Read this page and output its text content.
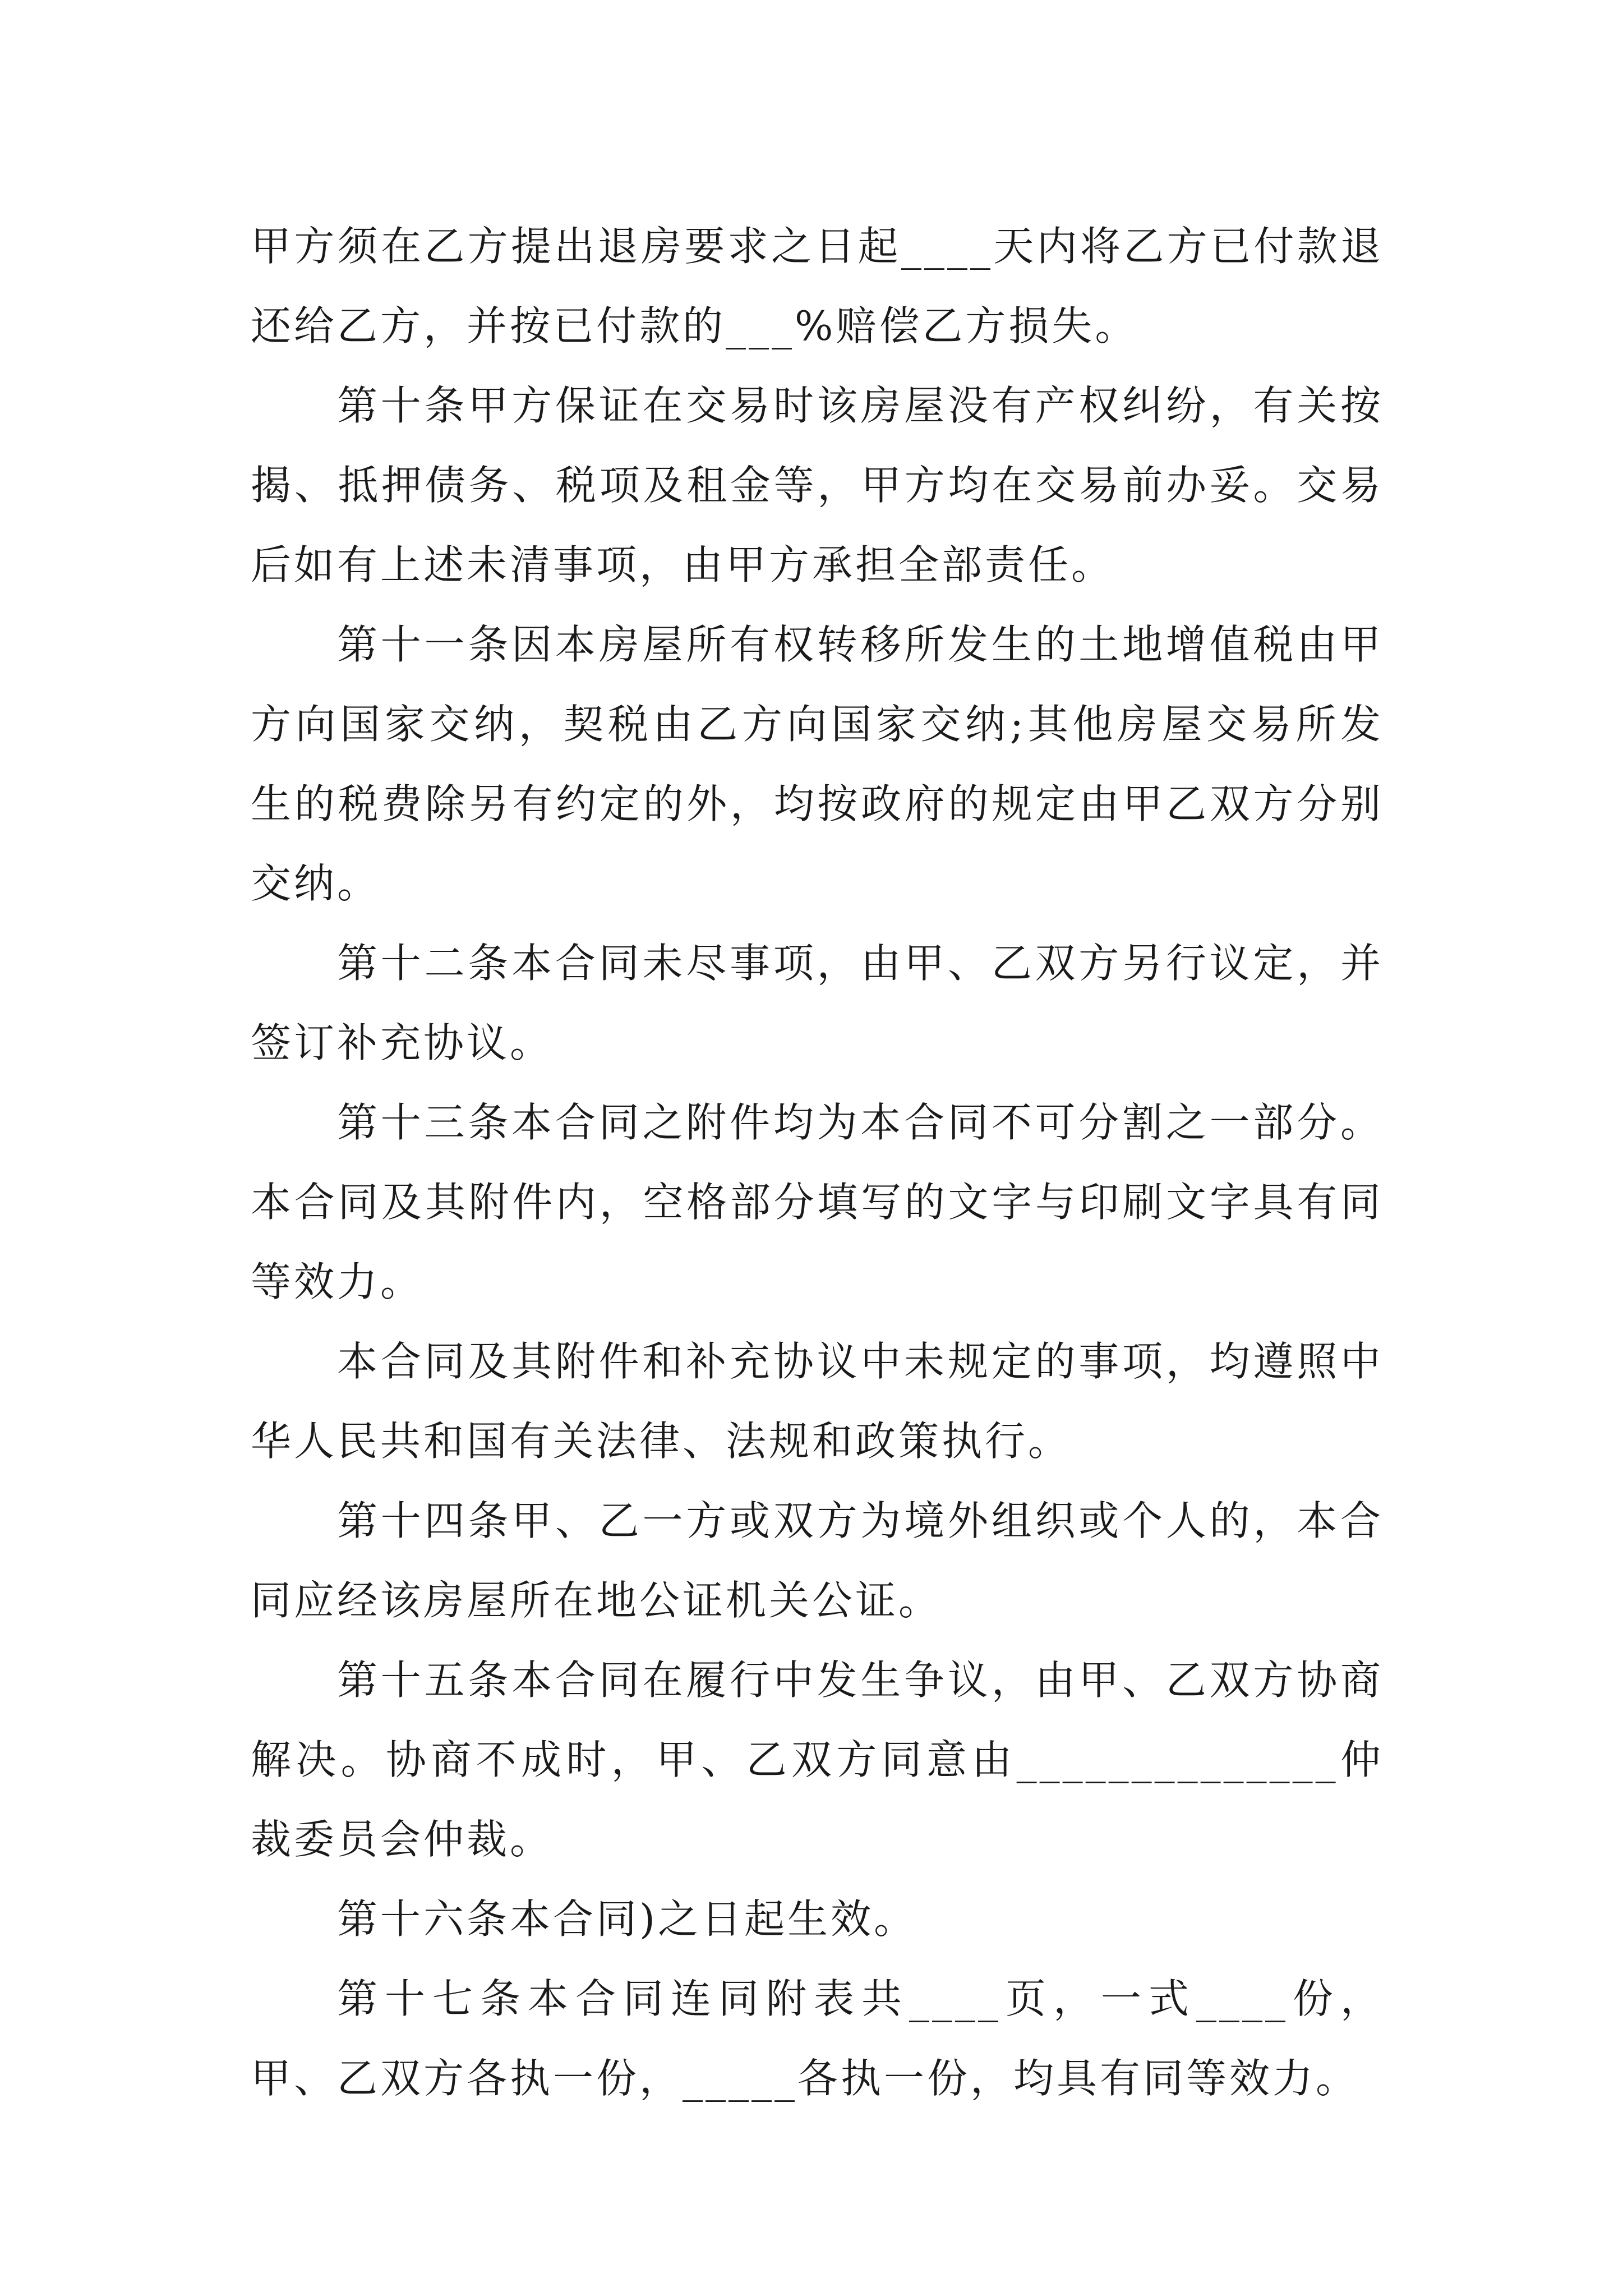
甲方须在乙方提出退房要求之日起____天内将乙方已付款退还给乙方，并按已付款的___%赔偿乙方损失。

第十条甲方保证在交易时该房屋没有产权纠纷，有关按揭、抵押债务、税项及租金等，甲方均在交易前办妥。交易后如有上述未清事项，由甲方承担全部责任。

第十一条因本房屋所有权转移所发生的土地增值税由甲方向国家交纳，契税由乙方向国家交纳;其他房屋交易所发生的税费除另有约定的外，均按政府的规定由甲乙双方分别交纳。

第十二条本合同未尽事项，由甲、乙双方另行议定，并签订补充协议。

第十三条本合同之附件均为本合同不可分割之一部分。本合同及其附件内，空格部分填写的文字与印刷文字具有同等效力。

本合同及其附件和补充协议中未规定的事项，均遵照中华人民共和国有关法律、法规和政策执行。

第十四条甲、乙一方或双方为境外组织或个人的，本合同应经该房屋所在地公证机关公证。

第十五条本合同在履行中发生争议，由甲、乙双方协商解决。协商不成时，甲、乙双方同意由______________仲裁委员会仲裁。

第十六条本合同)之日起生效。

第十七条本合同连同附表共____页，一式____份，甲、乙双方各执一份，_____各执一份，均具有同等效力。
